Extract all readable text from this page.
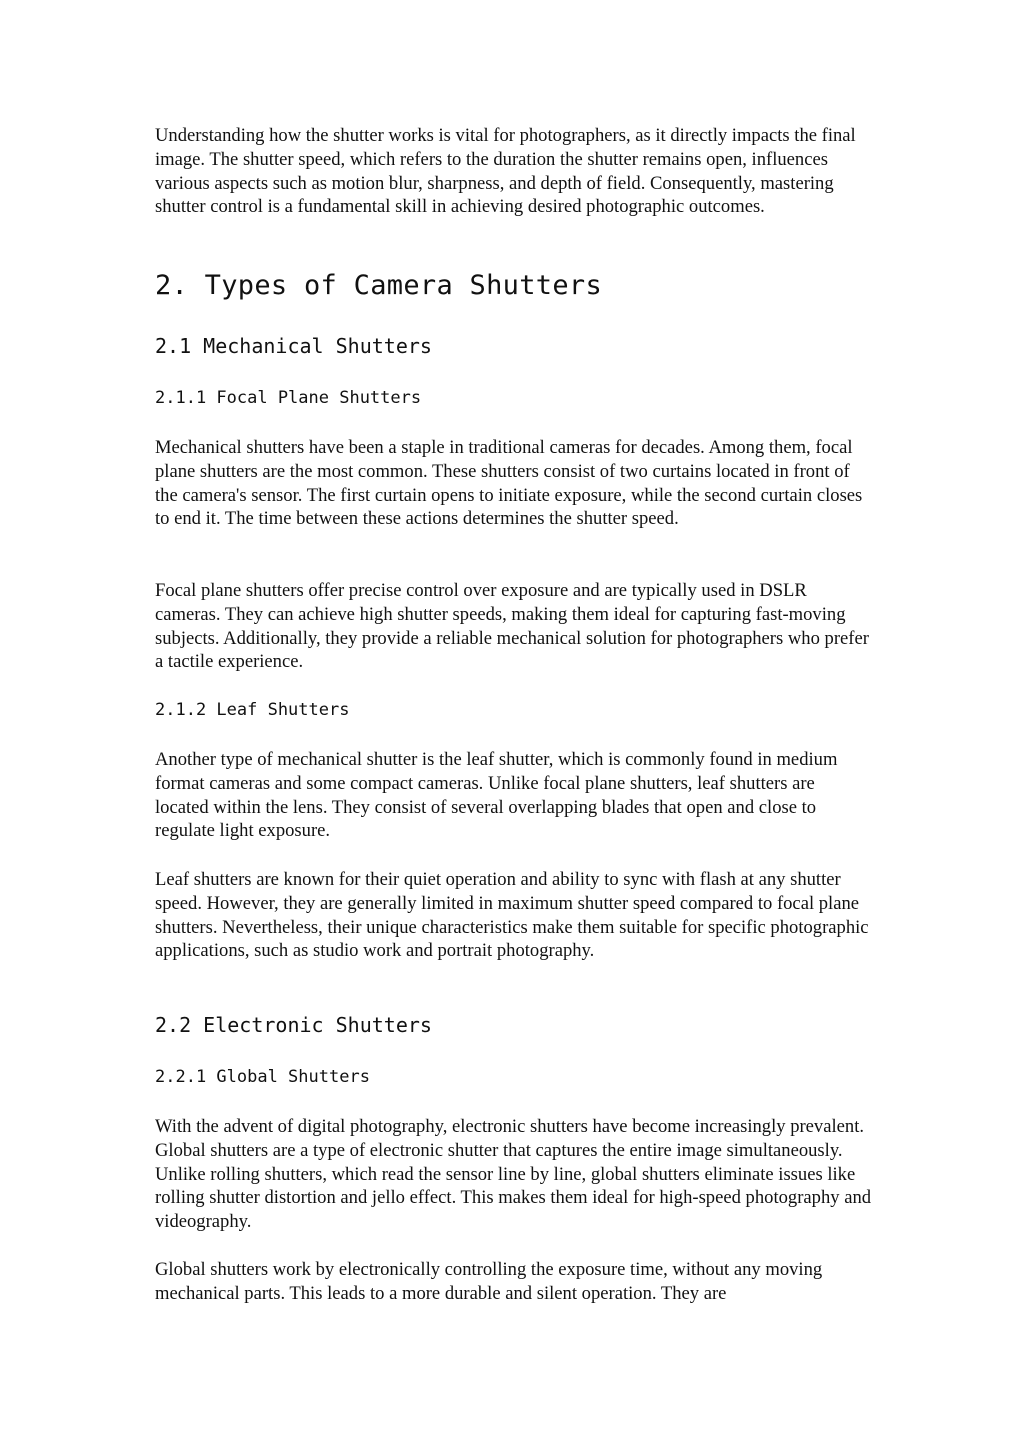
Understanding how the shutter works is vital for photographers, as it directly impacts the final image. The shutter speed, which refers to the duration the shutter remains open, influences various aspects such as motion blur, sharpness, and depth of field. Consequently, mastering shutter control is a fundamental skill in achieving desired photographic outcomes.

2. Types of Camera Shutters
2.1 Mechanical Shutters
2.1.1 Focal Plane Shutters

Mechanical shutters have been a staple in traditional cameras for decades. Among them, focal plane shutters are the most common. These shutters consist of two curtains located in front of the camera's sensor. The first curtain opens to initiate exposure, while the second curtain closes to end it. The time between these actions determines the shutter speed.

Focal plane shutters offer precise control over exposure and are typically used in DSLR cameras. They can achieve high shutter speeds, making them ideal for capturing fast-moving subjects. Additionally, they provide a reliable mechanical solution for photographers who prefer a tactile experience.

2.1.2 Leaf Shutters

Another type of mechanical shutter is the leaf shutter, which is commonly found in medium format cameras and some compact cameras. Unlike focal plane shutters, leaf shutters are located within the lens. They consist of several overlapping blades that open and close to regulate light exposure.

Leaf shutters are known for their quiet operation and ability to sync with flash at any shutter speed. However, they are generally limited in maximum shutter speed compared to focal plane shutters. Nevertheless, their unique characteristics make them suitable for specific photographic applications, such as studio work and portrait photography.

2.2 Electronic Shutters
2.2.1 Global Shutters

With the advent of digital photography, electronic shutters have become increasingly prevalent. Global shutters are a type of electronic shutter that captures the entire image simultaneously. Unlike rolling shutters, which read the sensor line by line, global shutters eliminate issues like rolling shutter distortion and jello effect. This makes them ideal for high-speed photography and videography.

Global shutters work by electronically controlling the exposure time, without any moving mechanical parts. This leads to a more durable and silent operation. They are
